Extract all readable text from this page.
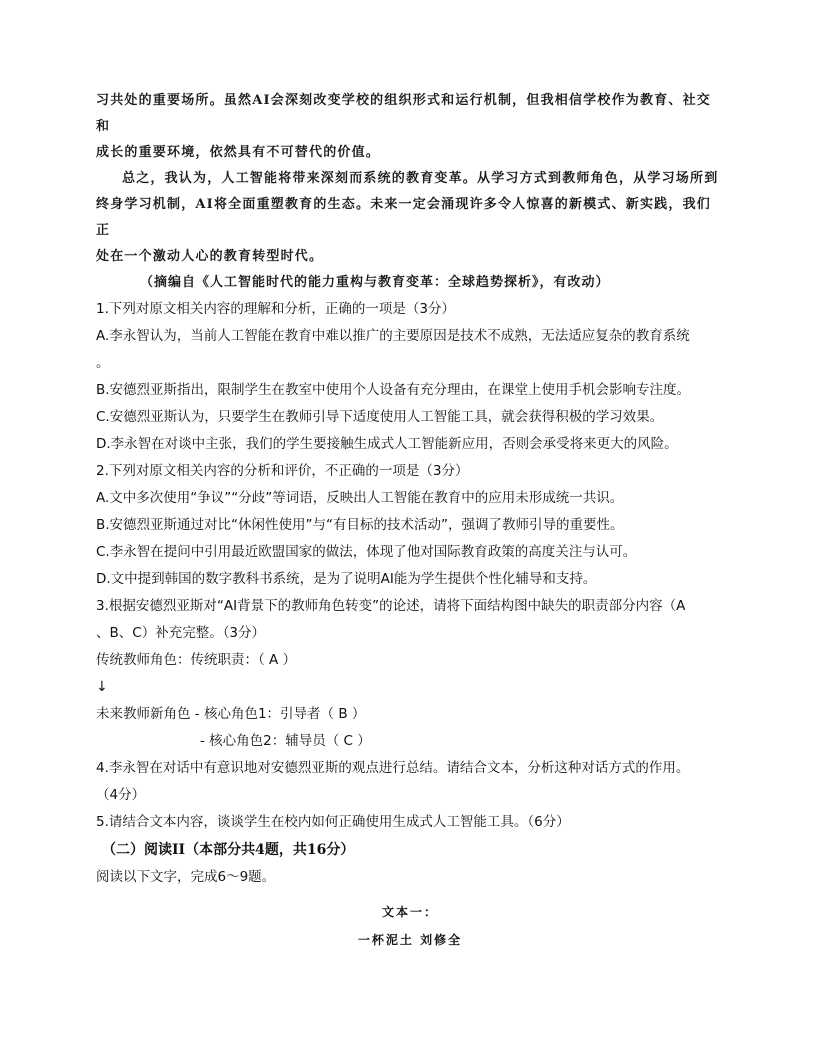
习共处的重要场所。虽然AI会深刻改变学校的组织形式和运行机制，但我相信学校作为教育、社交和

成长的重要环境，依然具有不可替代的价值。

总之，我认为，人工智能将带来深刻而系统的教育变革。从学习方式到教师角色，从学习场所到

终身学习机制，AI将全面重塑教育的生态。未来一定会涌现许多令人惊喜的新模式、新实践，我们正

处在一个激动人心的教育转型时代。

（摘编自《人工智能时代的能力重构与教育变革：全球趋势探析》，有改动）

1.下列对原文相关内容的理解和分析，正确的一项是（3分）

A.李永智认为，当前人工智能在教育中难以推广的主要原因是技术不成熟，无法适应复杂的教育系统

。

B.安德烈亚斯指出，限制学生在教室中使用个人设备有充分理由，在课堂上使用手机会影响专注度。

C.安德烈亚斯认为，只要学生在教师引导下适度使用人工智能工具，就会获得积极的学习效果。

D.李永智在对谈中主张，我们的学生要接触生成式人工智能新应用，否则会承受将来更大的风险。

2.下列对原文相关内容的分析和评价，不正确的一项是（3分）

A.文中多次使用“争议”“分歧”等词语，反映出人工智能在教育中的应用未形成统一共识。

B.安德烈亚斯通过对比“休闲性使用”与“有目标的技术活动”，强调了教师引导的重要性。

C.李永智在提问中引用最近欧盟国家的做法，体现了他对国际教育政策的高度关注与认可。

D.文中提到韩国的数字教科书系统，是为了说明AI能为学生提供个性化辅导和支持。

3.根据安德烈亚斯对“AI背景下的教师角色转变”的论述，请将下面结构图中缺失的职责部分内容（A

、B、C）补充完整。（3分）

传统教师角色：传统职责：（ A ）

↓

未来教师新角色 - 核心角色1：引导者（ B ）

- 核心角色2：辅导员（ C ）

4.李永智在对话中有意识地对安德烈亚斯的观点进行总结。请结合文本，分析这种对话方式的作用。

（4分）

5.请结合文本内容，谈谈学生在校内如何正确使用生成式人工智能工具。（6分）

（二）阅读II（本部分共4题，共16分）

阅读以下文字，完成6～9题。

文本一：

一杯泥土 刘修全
